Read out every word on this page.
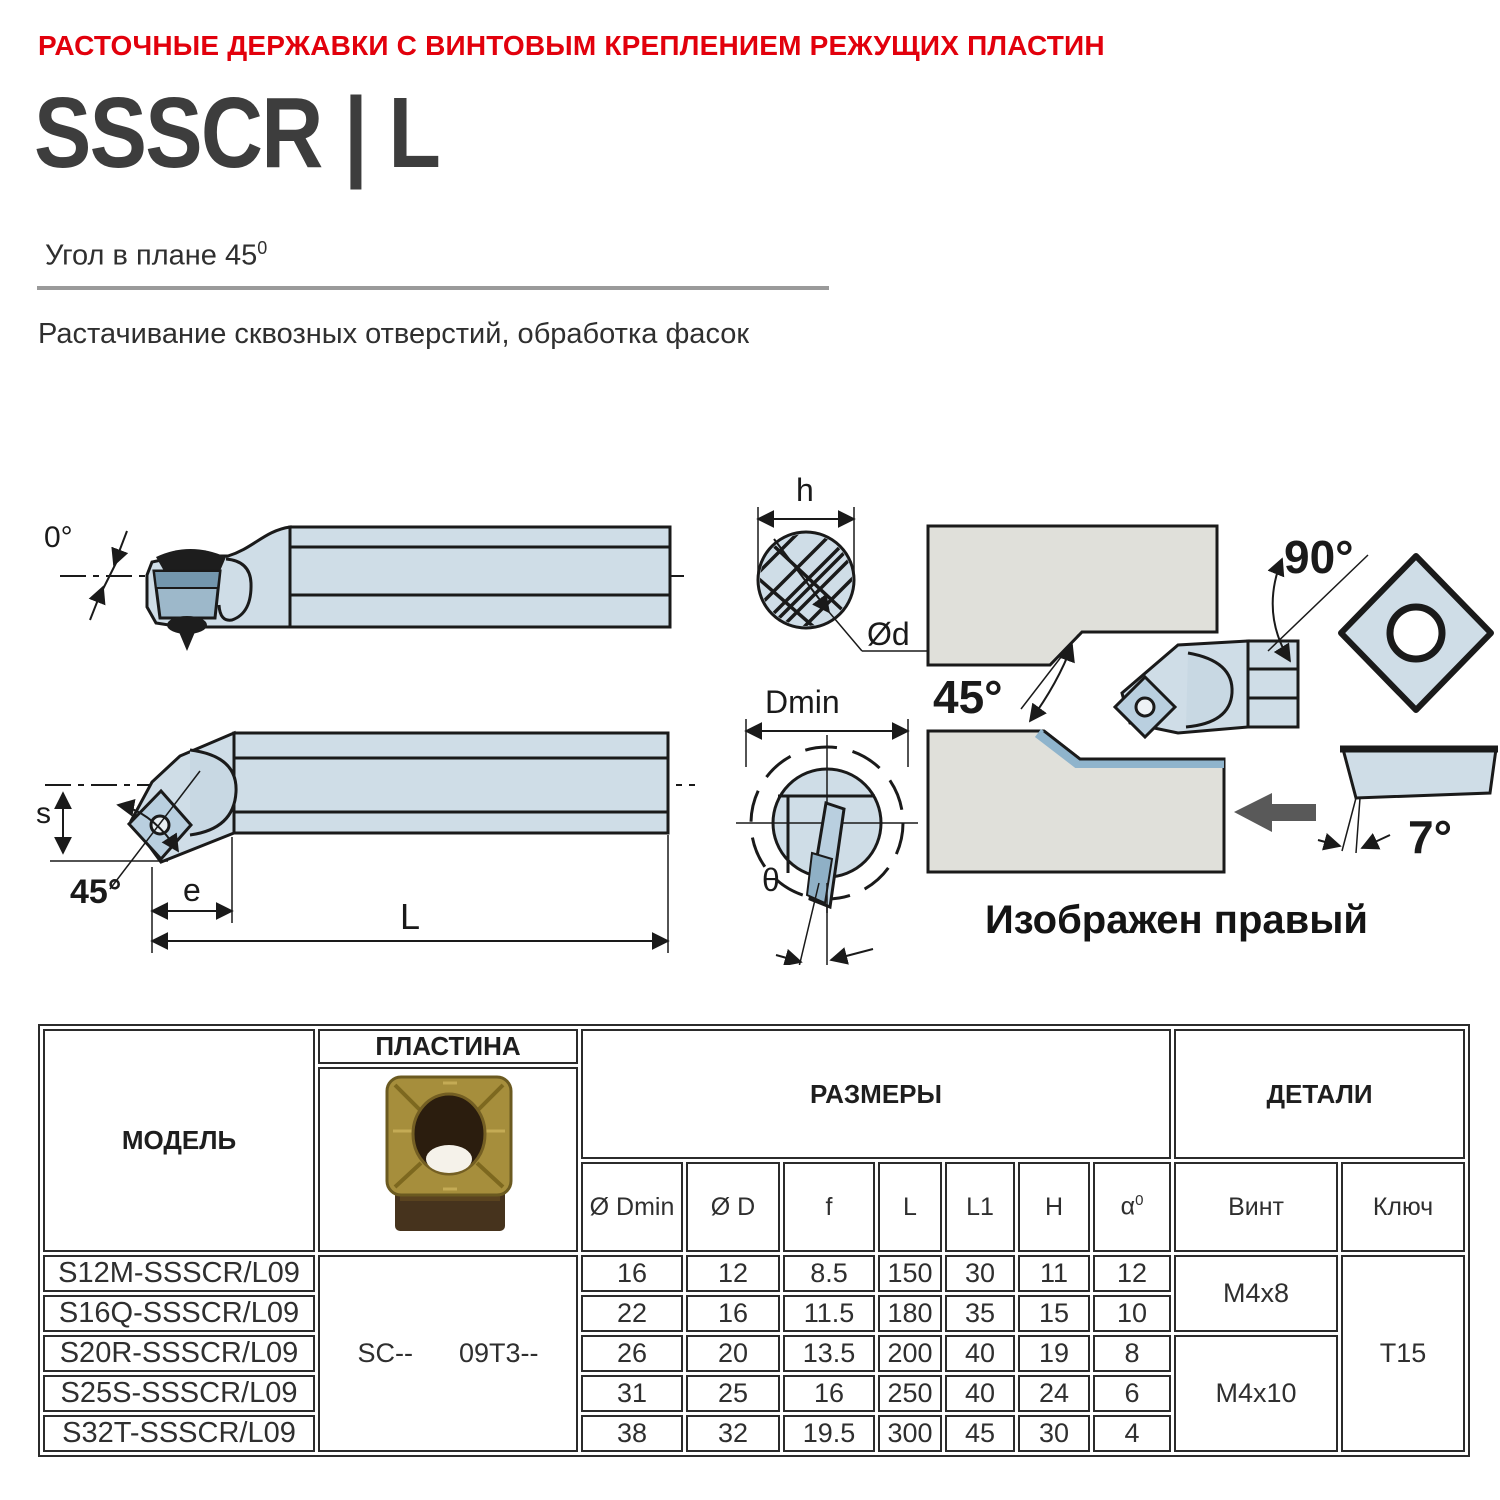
РАСТОЧНЫЕ ДЕРЖАВКИ С ВИНТОВЫМ КРЕПЛЕНИЕМ РЕЖУЩИХ ПЛАСТИН
SSSCR | L
Угол в плане $45^0$
Растачивание сквозных отверстий, обработка фасок
0°
s
45° e
L
h
Ød
Dmin
θ
45°
90°
7°
Изображен правый
МОДЕЛЬ	ПЛАСТИНА	РАЗМЕРЫ							ДЕТАЛИ	

		Ø Dmin	Ø D	f	L	L1	H	$\alpha^0$	Винт	Ключ
S12M-SSSCR/L09	SC-- 09T3--	16	12	8.5	150	30	11	12	M4x8	T15
S16Q-SSSCR/L09		22	16	11.5	180	35	15	10		
S20R-SSSCR/L09		26	20	13.5	200	40	19	8	M4x10	
S25S-SSSCR/L09		31	25	16	250	40	24	6		
S32T-SSSCR/L09		38	32	19.5	300	45	30	4		
